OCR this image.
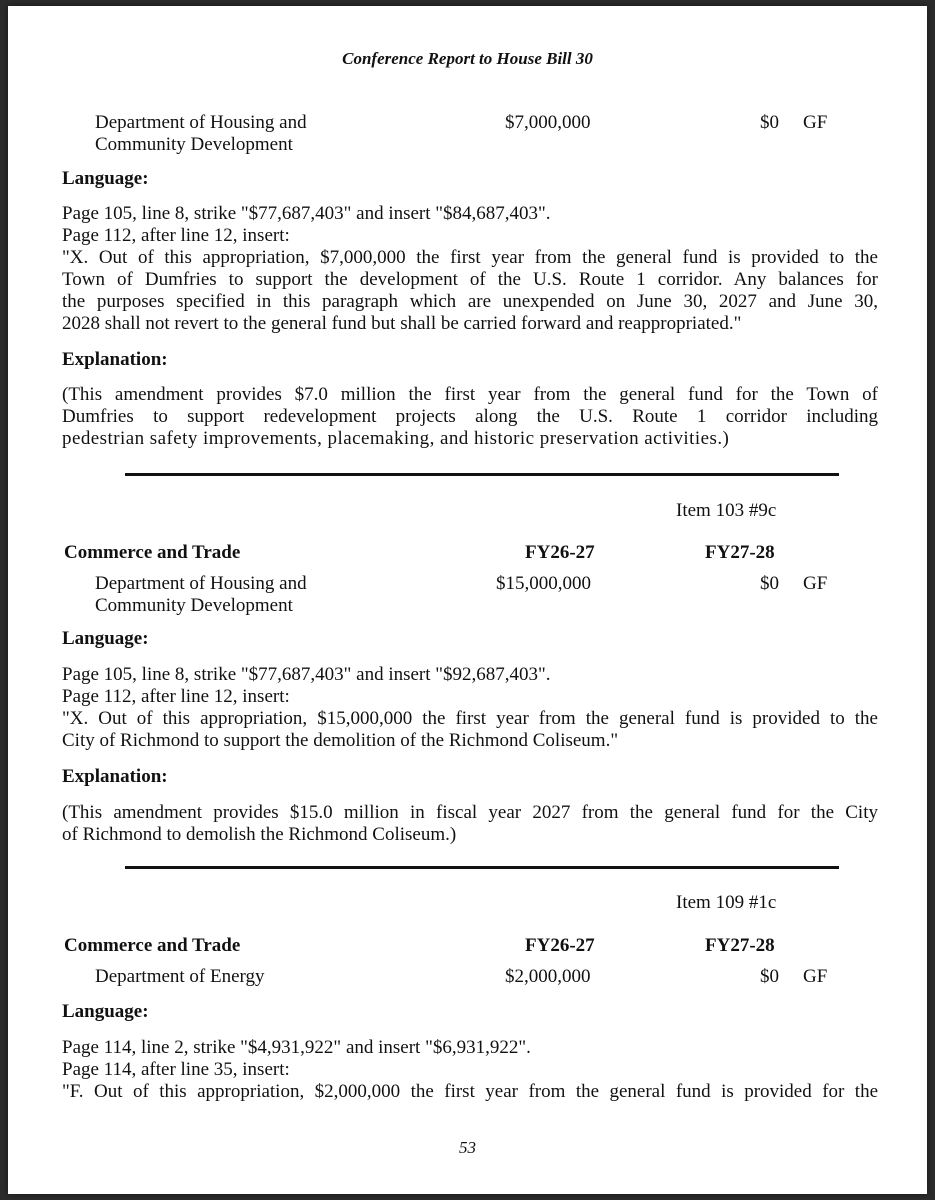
Conference Report to House Bill 30
Department of Housing and
Community Development
$7,000,000	$0 GF
Language:
Page 105, line 8, strike "$77,687,403" and insert "$84,687,403".
Page 112, after line 12, insert:
"X. Out of this appropriation, $7,000,000 the first year from the general fund is provided to the
Town of Dumfries to support the development of the U.S. Route 1 corridor. Any balances for
the purposes specified in this paragraph which are unexpended on June 30, 2027 and June 30,
2028 shall not revert to the general fund but shall be carried forward and reappropriated."
Explanation:
(This amendment provides $7.0 million the first year from the general fund for the Town of
Dumfries to support redevelopment projects along the U.S. Route 1 corridor including
pedestrian safety improvements, placemaking, and historic preservation activities.)
Item 103 #9c
Commerce and Trade	FY26-27	FY27-28
Department of Housing and
Community Development
$15,000,000	$0 GF
Language:
Page 105, line 8, strike "$77,687,403" and insert "$92,687,403".
Page 112, after line 12, insert:
"X. Out of this appropriation, $15,000,000 the first year from the general fund is provided to the
City of Richmond to support the demolition of the Richmond Coliseum."
Explanation:
(This amendment provides $15.0 million in fiscal year 2027 from the general fund for the City
of Richmond to demolish the Richmond Coliseum.)
Item 109 #1c
Commerce and Trade	FY26-27	FY27-28
Department of Energy	$2,000,000	$0 GF
Language:
Page 114, line 2, strike "$4,931,922" and insert "$6,931,922".
Page 114, after line 35, insert:
"F. Out of this appropriation, $2,000,000 the first year from the general fund is provided for the
53
